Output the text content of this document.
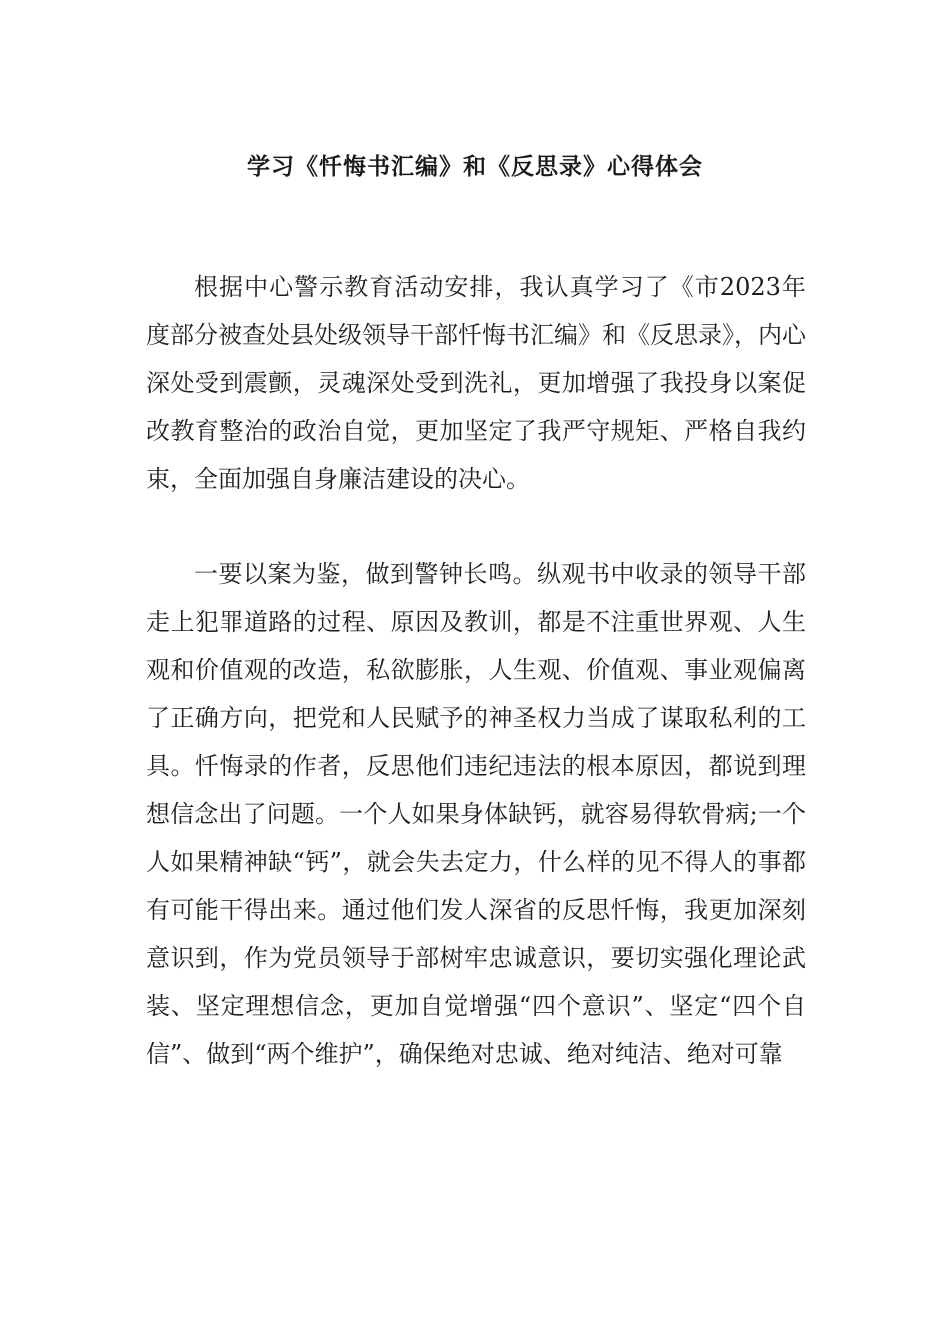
学习《忏悔书汇编》和《反思录》心得体会

根据中心警示教育活动安排，我认真学习了《市2023年度部分被查处县处级领导干部忏悔书汇编》和《反思录》，内心深处受到震颤，灵魂深处受到洗礼，更加增强了我投身以案促改教育整治的政治自觉，更加坚定了我严守规矩、严格自我约束，全面加强自身廉洁建设的决心。

一要以案为鉴，做到警钟长鸣。纵观书中收录的领导干部走上犯罪道路的过程、原因及教训，都是不注重世界观、人生观和价值观的改造，私欲膨胀，人生观、价值观、事业观偏离了正确方向，把党和人民赋予的神圣权力当成了谋取私利的工具。忏悔录的作者，反思他们违纪违法的根本原因，都说到理想信念出了问题。一个人如果身体缺钙，就容易得软骨病;一个人如果精神缺“钙”，就会失去定力，什么样的见不得人的事都有可能干得出来。通过他们发人深省的反思忏悔，我更加深刻意识到，作为党员领导于部树牢忠诚意识，要切实强化理论武装、坚定理想信念，更加自觉增强“四个意识”、坚定“四个自信”、做到“两个维护”，确保绝对忠诚、绝对纯洁、绝对可靠
